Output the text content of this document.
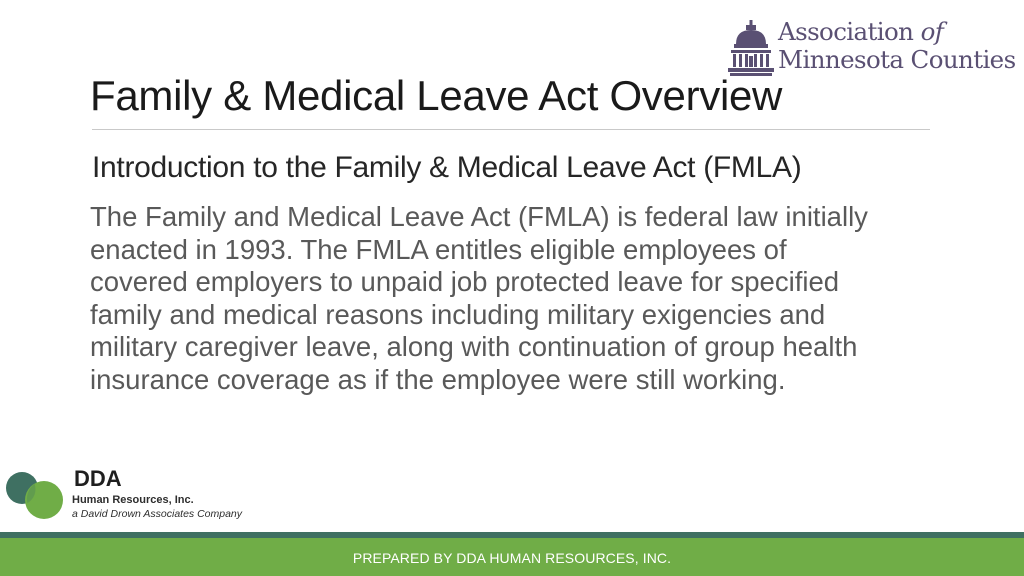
Association of
Minnesota Counties
Family & Medical Leave Act Overview
Introduction to the Family & Medical Leave Act (FMLA)
The Family and Medical Leave Act (FMLA) is federal law initially
enacted in 1993. The FMLA entitles eligible employees of
covered employers to unpaid job protected leave for specified
family and medical reasons including military exigencies and
military caregiver leave, along with continuation of group health
insurance coverage as if the employee were still working.
DDA
Human Resources, Inc.
a David Drown Associates Company
PREPARED BY DDA HUMAN RESOURCES, INC.
